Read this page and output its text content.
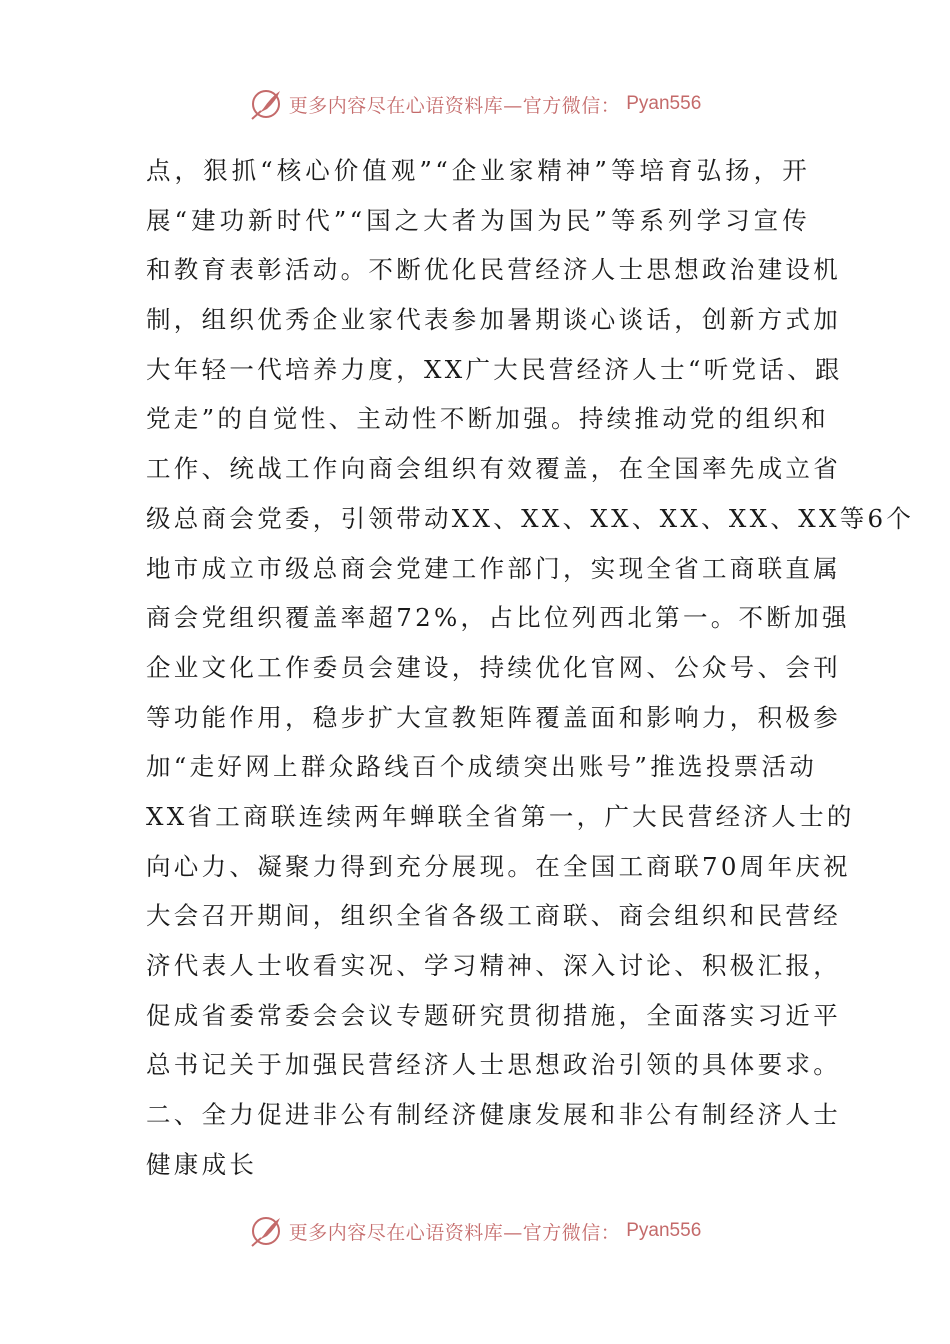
更多内容尽在心语资料库—官方微信： Pyan556
点，狠抓“核心价值观”“企业家精神”等培育弘扬，开
展“建功新时代”“国之大者为国为民”等系列学习宣传
和教育表彰活动。不断优化民营经济人士思想政治建设机
制，组织优秀企业家代表参加暑期谈心谈话，创新方式加
大年轻一代培养力度，XX广大民营经济人士“听党话、跟
党走”的自觉性、主动性不断加强。持续推动党的组织和
工作、统战工作向商会组织有效覆盖，在全国率先成立省
级总商会党委，引领带动XX、XX、XX、XX、XX、XX等6个
地市成立市级总商会党建工作部门，实现全省工商联直属
商会党组织覆盖率超72%，占比位列西北第一。不断加强
企业文化工作委员会建设，持续优化官网、公众号、会刊
等功能作用，稳步扩大宣教矩阵覆盖面和影响力，积极参
加“走好网上群众路线百个成绩突出账号”推选投票活动
XX省工商联连续两年蝉联全省第一，广大民营经济人士的
向心力、凝聚力得到充分展现。在全国工商联70周年庆祝
大会召开期间，组织全省各级工商联、商会组织和民营经
济代表人士收看实况、学习精神、深入讨论、积极汇报，
促成省委常委会会议专题研究贯彻措施，全面落实习近平
总书记关于加强民营经济人士思想政治引领的具体要求。
二、全力促进非公有制经济健康发展和非公有制经济人士
健康成长
更多内容尽在心语资料库—官方微信： Pyan556
